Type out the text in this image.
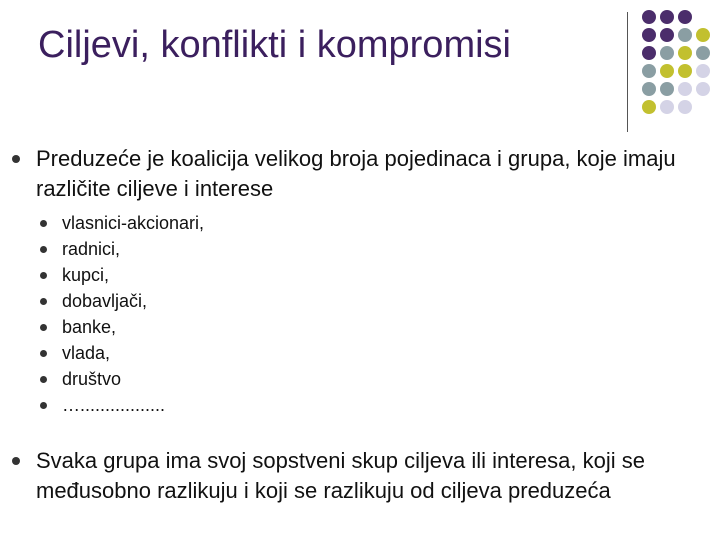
Ciljevi, konflikti i kompromisi
Preduzeće je koalicija velikog broja pojedinaca i grupa, koje imaju različite ciljeve i interese
vlasnici-akcionari,
radnici,
kupci,
dobavljači,
banke,
vlada,
društvo
….................
Svaka grupa ima svoj sopstveni skup ciljeva ili interesa, koji se međusobno razlikuju i koji se razlikuju od ciljeva preduzeća
